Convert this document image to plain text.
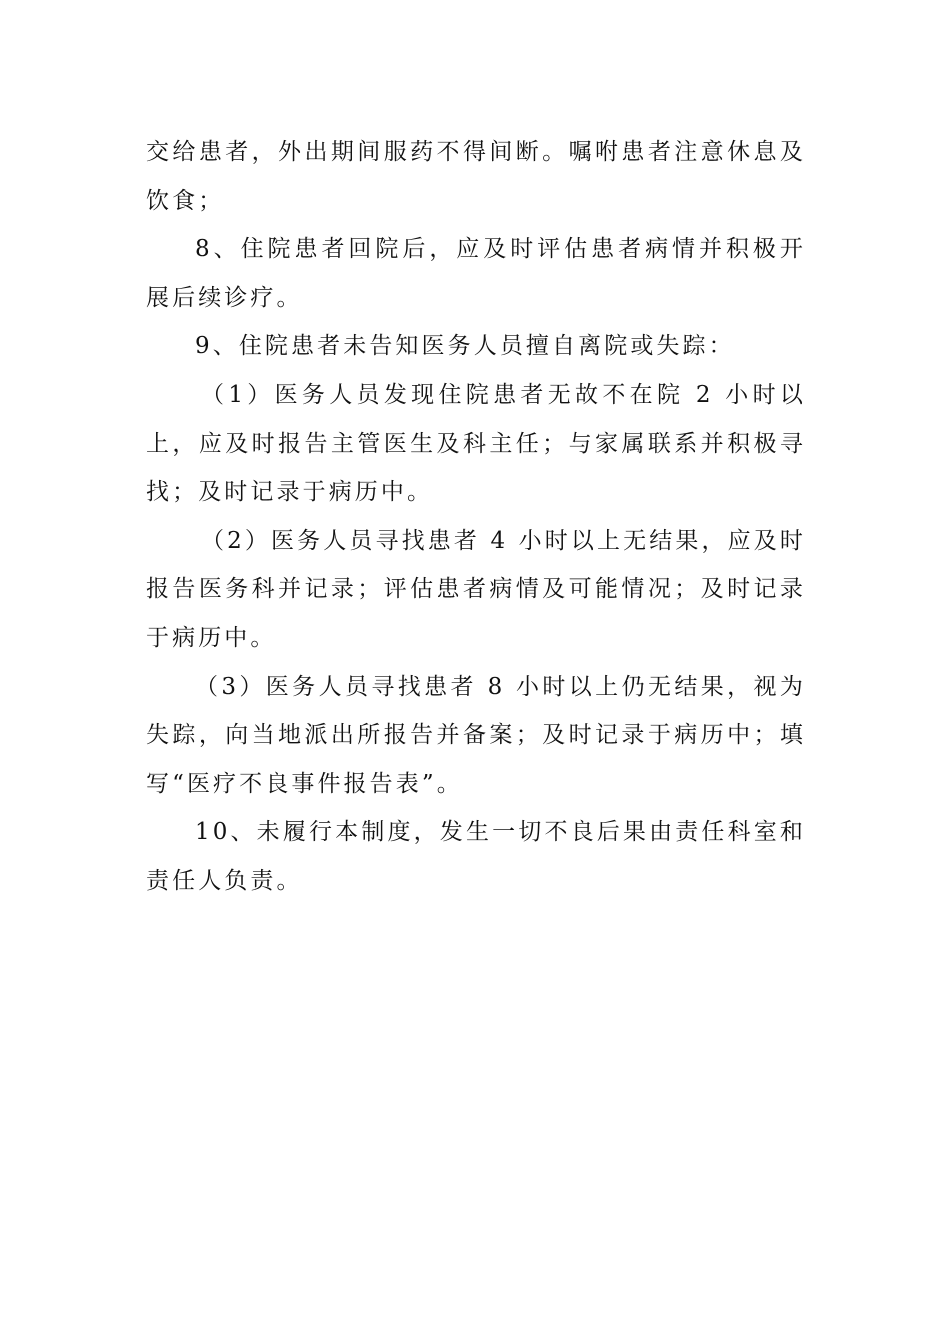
交给患者，外出期间服药不得间断。嘱咐患者注意休息及饮食；

8、住院患者回院后，应及时评估患者病情并积极开展后续诊疗。

9、住院患者未告知医务人员擅自离院或失踪：

（1）医务人员发现住院患者无故不在院 2 小时以上，应及时报告主管医生及科主任；与家属联系并积极寻找；及时记录于病历中。

（2）医务人员寻找患者 4 小时以上无结果，应及时报告医务科并记录；评估患者病情及可能情况；及时记录于病历中。

（3）医务人员寻找患者 8 小时以上仍无结果，视为失踪，向当地派出所报告并备案；及时记录于病历中；填写“医疗不良事件报告表”。

10、未履行本制度，发生一切不良后果由责任科室和责任人负责。
